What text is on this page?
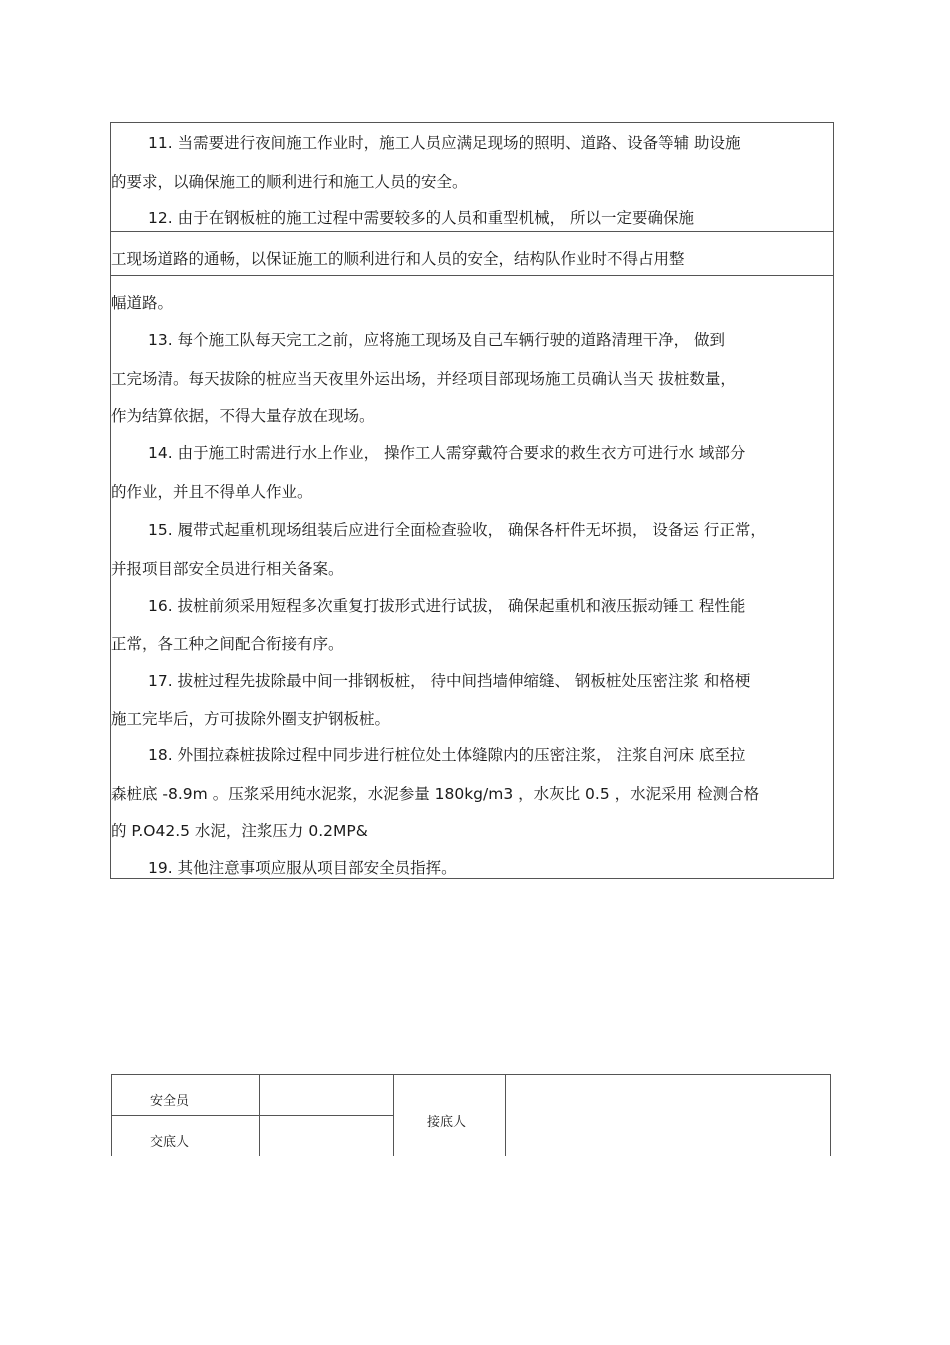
11. 当需要进行夜间施工作业时，施工人员应满足现场的照明、道路、设备等辅 助设施
的要求，以确保施工的顺利进行和施工人员的安全。
12. 由于在钢板桩的施工过程中需要较多的人员和重型机械， 所以一定要确保施
工现场道路的通畅，以保证施工的顺利进行和人员的安全，结构队作业时不得占用整
幅道路。
13. 每个施工队每天完工之前，应将施工现场及自己车辆行驶的道路清理干净， 做到
工完场清。每天拔除的桩应当天夜里外运出场，并经项目部现场施工员确认当天 拔桩数量，
作为结算依据，不得大量存放在现场。
14. 由于施工时需进行水上作业， 操作工人需穿戴符合要求的救生衣方可进行水 域部分
的作业，并且不得单人作业。
15. 履带式起重机现场组装后应进行全面检查验收， 确保各杆件无坏损， 设备运 行正常，
并报项目部安全员进行相关备案。
16. 拔桩前须采用短程多次重复打拔形式进行试拔， 确保起重机和液压振动锤工 程性能
正常，各工种之间配合衔接有序。
17. 拔桩过程先拔除最中间一排钢板桩， 待中间挡墙伸缩缝、 钢板桩处压密注浆 和格梗
施工完毕后，方可拔除外圈支护钢板桩。
18. 外围拉森桩拔除过程中同步进行桩位处土体缝隙内的压密注浆， 注浆自河床 底至拉
森桩底 -8.9m 。压浆采用纯水泥浆，水泥参量 180kg/m3 ，水灰比 0.5 ，水泥采用 检测合格
的 P.O42.5 水泥，注浆压力 0.2MP&
19. 其他注意事项应服从项目部安全员指挥。
安全员
交底人
接底人
